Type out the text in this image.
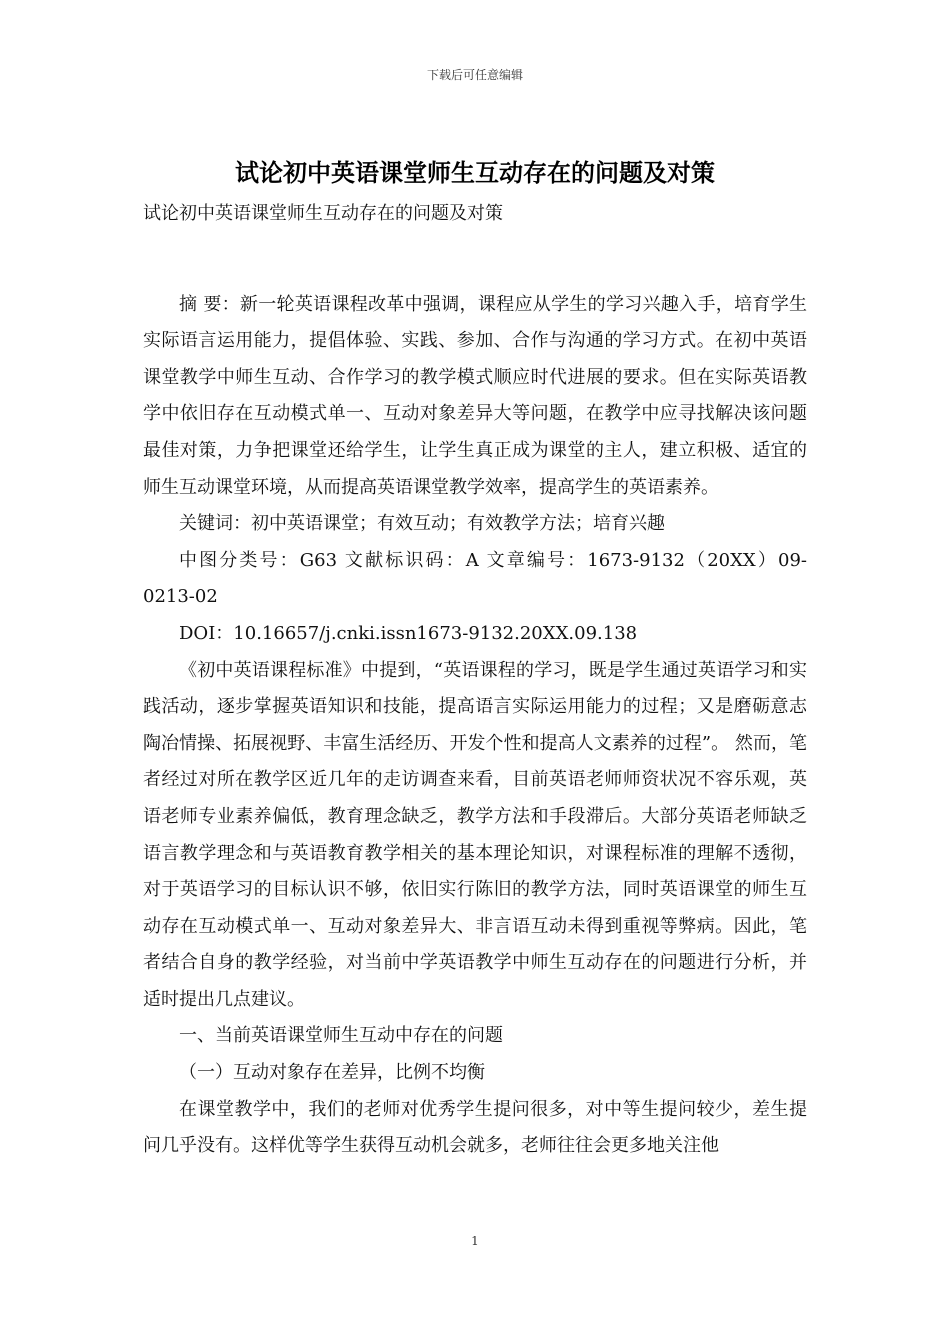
下载后可任意编辑
试论初中英语课堂师生互动存在的问题及对策

试论初中英语课堂师生互动存在的问题及对策

摘 要：新一轮英语课程改革中强调，课程应从学生的学习兴趣入手，培育学生实际语言运用能力，提倡体验、实践、参加、合作与沟通的学习方式。在初中英语课堂教学中师生互动、合作学习的教学模式顺应时代进展的要求。但在实际英语教学中依旧存在互动模式单一、互动对象差异大等问题，在教学中应寻找解决该问题最佳对策，力争把课堂还给学生，让学生真正成为课堂的主人，建立积极、适宜的师生互动课堂环境，从而提高英语课堂教学效率，提高学生的英语素养。

关键词：初中英语课堂；有效互动；有效教学方法；培育兴趣

中图分类号：G63 文献标识码：A 文章编号：1673-9132（20XX）09-0213-02

DOI：10.16657/j.cnki.issn1673-9132.20XX.09.138

《初中英语课程标准》中提到，“英语课程的学习，既是学生通过英语学习和实践活动，逐步掌握英语知识和技能，提高语言实际运用能力的过程；又是磨砺意志陶冶情操、拓展视野、丰富生活经历、开发个性和提高人文素养的过程”。 然而，笔者经过对所在教学区近几年的走访调查来看，目前英语老师师资状况不容乐观，英语老师专业素养偏低，教育理念缺乏，教学方法和手段滞后。大部分英语老师缺乏语言教学理念和与英语教育教学相关的基本理论知识，对课程标准的理解不透彻，对于英语学习的目标认识不够，依旧实行陈旧的教学方法，同时英语课堂的师生互动存在互动模式单一、互动对象差异大、非言语互动未得到重视等弊病。因此，笔者结合自身的教学经验，对当前中学英语教学中师生互动存在的问题进行分析，并适时提出几点建议。

一、当前英语课堂师生互动中存在的问题

（一）互动对象存在差异，比例不均衡

在课堂教学中，我们的老师对优秀学生提问很多，对中等生提问较少，差生提问几乎没有。这样优等学生获得互动机会就多，老师往往会更多地关注他

1
